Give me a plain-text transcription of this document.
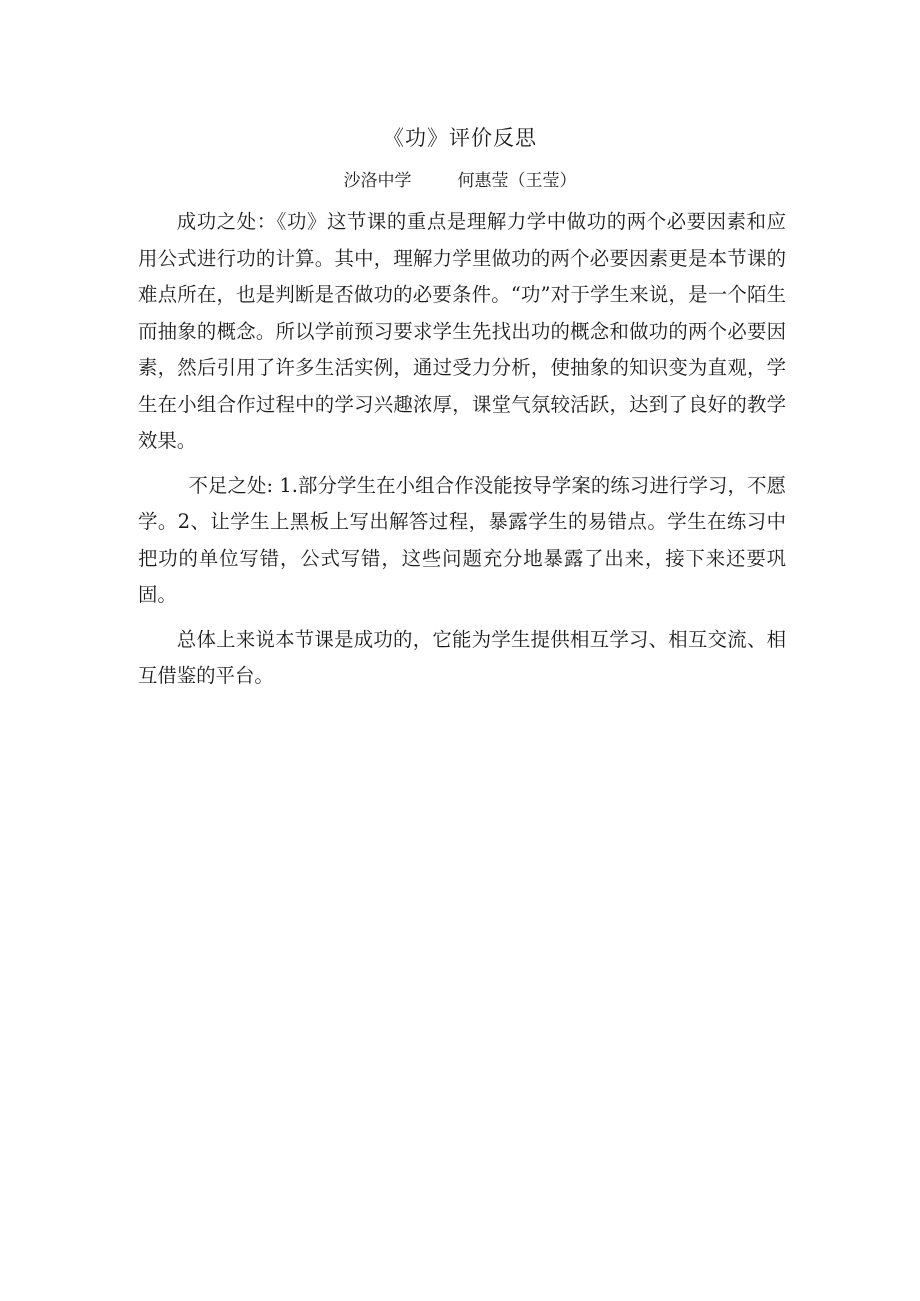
《功》评价反思
沙洛中学	何惠莹（王莹）

成功之处：《功》这节课的重点是理解力学中做功的两个必要因素和应用公式进行功的计算。其中，理解力学里做功的两个必要因素更是本节课的难点所在，也是判断是否做功的必要条件。“功”对于学生来说，是一个陌生而抽象的概念。所以学前预习要求学生先找出功的概念和做功的两个必要因素，然后引用了许多生活实例，通过受力分析，使抽象的知识变为直观，学生在小组合作过程中的学习兴趣浓厚，课堂气氛较活跃，达到了良好的教学效果。

不足之处: 1.部分学生在小组合作没能按导学案的练习进行学习，不愿学。2、让学生上黑板上写出解答过程，暴露学生的易错点。学生在练习中把功的单位写错，公式写错，这些问题充分地暴露了出来，接下来还要巩固。

总体上来说本节课是成功的，它能为学生提供相互学习、相互交流、相互借鉴的平台。
